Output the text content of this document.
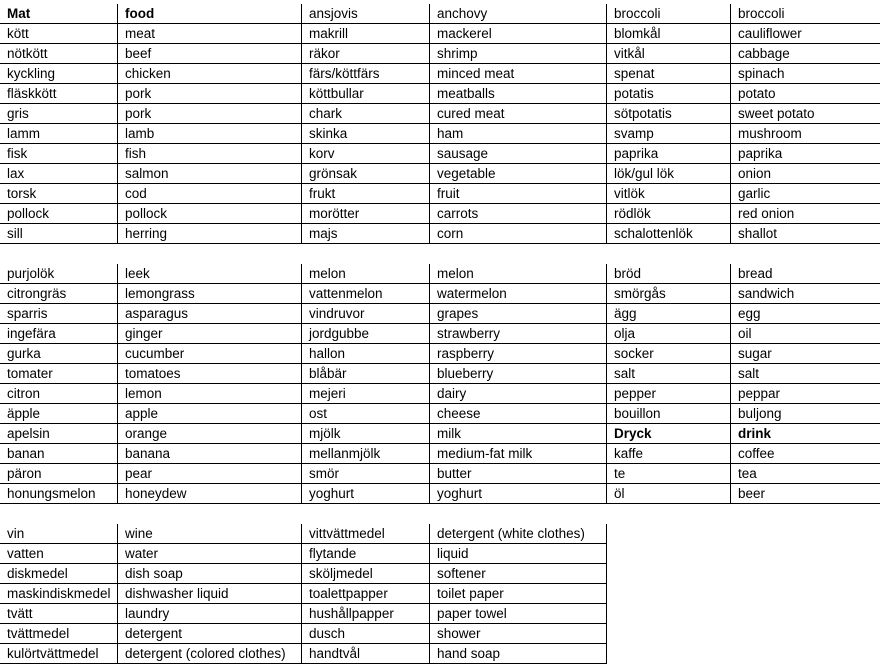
Mat	food	ansjovis	anchovy	broccoli	broccoli
kött	meat	makrill	mackerel	blomkål	cauliflower
nötkött	beef	räkor	shrimp	vitkål	cabbage
kyckling	chicken	färs/köttfärs	minced meat	spenat	spinach
fläskkött	pork	köttbullar	meatballs	potatis	potato
gris	pork	chark	cured meat	sötpotatis	sweet potato
lamm	lamb	skinka	ham	svamp	mushroom
fisk	fish	korv	sausage	paprika	paprika
lax	salmon	grönsak	vegetable	lök/gul lök	onion
torsk	cod	frukt	fruit	vitlök	garlic
pollock	pollock	morötter	carrots	rödlök	red onion
sill	herring	majs	corn	schalottenlök	shallot
purjolök	leek	melon	melon	bröd	bread
citrongräs	lemongrass	vattenmelon	watermelon	smörgås	sandwich
sparris	asparagus	vindruvor	grapes	ägg	egg
ingefära	ginger	jordgubbe	strawberry	olja	oil
gurka	cucumber	hallon	raspberry	socker	sugar
tomater	tomatoes	blåbär	blueberry	salt	salt
citron	lemon	mejeri	dairy	pepper	peppar
äpple	apple	ost	cheese	bouillon	buljong
apelsin	orange	mjölk	milk	Dryck	drink
banan	banana	mellanmjölk	medium-fat milk	kaffe	coffee
päron	pear	smör	butter	te	tea
honungsmelon	honeydew	yoghurt	yoghurt	öl	beer
vin	wine	vittvättmedel	detergent (white clothes)
vatten	water	flytande	liquid
diskmedel	dish soap	sköljmedel	softener
maskindiskmedel	dishwasher liquid	toalettpapper	toilet paper
tvätt	laundry	hushållpapper	paper towel
tvättmedel	detergent	dusch	shower
kulörtvättmedel	detergent (colored clothes)	handtvål	hand soap
